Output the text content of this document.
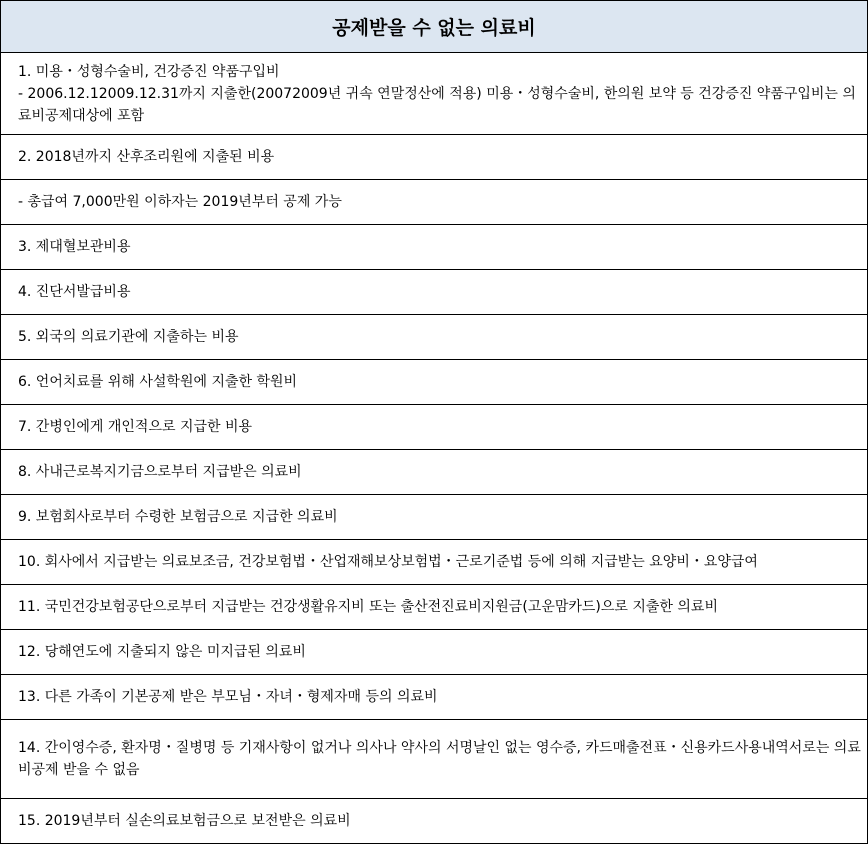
공제받을 수 없는 의료비
1. 미용・성형수술비, 건강증진 약품구입비
- 2006.12.12009.12.31까지 지출한(20072009년 귀속 연말정산에 적용) 미용・성형수술비, 한의원 보약 등 건강증진 약품구입비는 의료비공제대상에 포함
2. 2018년까지 산후조리원에 지출된 비용
- 총급여 7,000만원 이하자는 2019년부터 공제 가능
3. 제대혈보관비용
4. 진단서발급비용
5. 외국의 의료기관에 지출하는 비용
6. 언어치료를 위해 사설학원에 지출한 학원비
7. 간병인에게 개인적으로 지급한 비용
8. 사내근로복지기금으로부터 지급받은 의료비
9. 보험회사로부터 수령한 보험금으로 지급한 의료비
10. 회사에서 지급받는 의료보조금, 건강보험법・산업재해보상보험법・근로기준법 등에 의해 지급받는 요양비・요양급여
11. 국민건강보험공단으로부터 지급받는 건강생활유지비 또는 출산전진료비지원금(고운맘카드)으로 지출한 의료비
12. 당해연도에 지출되지 않은 미지급된 의료비
13. 다른 가족이 기본공제 받은 부모님・자녀・형제자매 등의 의료비
14. 간이영수증, 환자명・질병명 등 기재사항이 없거나 의사나 약사의 서명날인 없는 영수증, 카드매출전표・신용카드사용내역서로는 의료비공제 받을 수 없음
15. 2019년부터 실손의료보험금으로 보전받은 의료비
